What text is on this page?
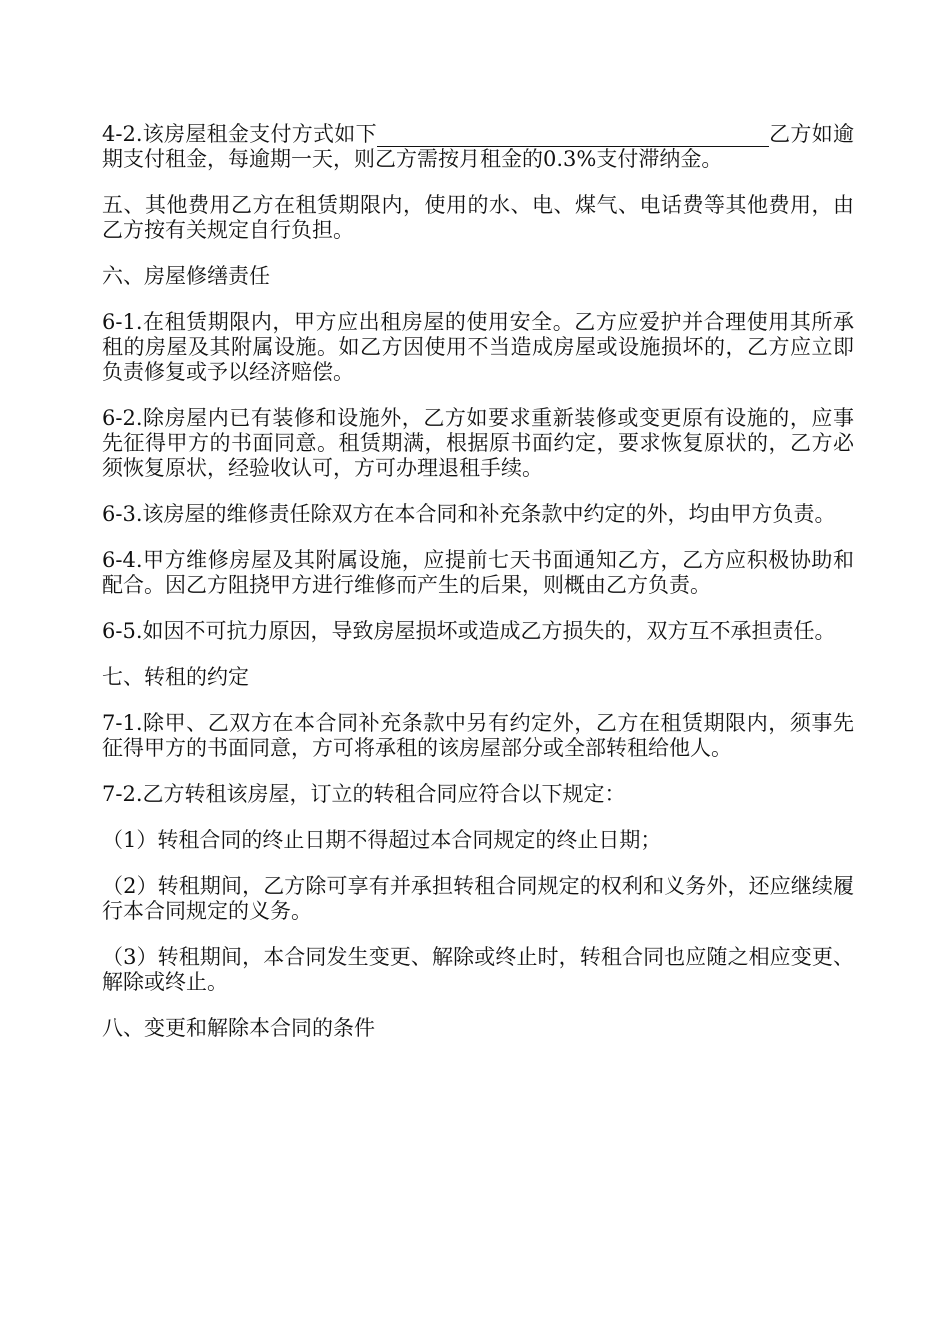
4-2.该房屋租金支付方式如下	乙方如逾期支付租金，每逾期一天，则乙方需按月租金的0.3%支付滞纳金。

五、其他费用乙方在租赁期限内，使用的水、电、煤气、电话费等其他费用，由乙方按有关规定自行负担。

六、房屋修缮责任

6-1.在租赁期限内，甲方应出租房屋的使用安全。乙方应爱护并合理使用其所承租的房屋及其附属设施。如乙方因使用不当造成房屋或设施损坏的，乙方应立即负责修复或予以经济赔偿。

6-2.除房屋内已有装修和设施外，乙方如要求重新装修或变更原有设施的，应事先征得甲方的书面同意。租赁期满，根据原书面约定，要求恢复原状的，乙方必须恢复原状，经验收认可，方可办理退租手续。

6-3.该房屋的维修责任除双方在本合同和补充条款中约定的外，均由甲方负责。

6-4.甲方维修房屋及其附属设施，应提前七天书面通知乙方，乙方应积极协助和配合。因乙方阻挠甲方进行维修而产生的后果，则概由乙方负责。

6-5.如因不可抗力原因，导致房屋损坏或造成乙方损失的，双方互不承担责任。

七、转租的约定

7-1.除甲、乙双方在本合同补充条款中另有约定外，乙方在租赁期限内，须事先征得甲方的书面同意，方可将承租的该房屋部分或全部转租给他人。

7-2.乙方转租该房屋，订立的转租合同应符合以下规定：

（1）转租合同的终止日期不得超过本合同规定的终止日期；

（2）转租期间，乙方除可享有并承担转租合同规定的权利和义务外，还应继续履行本合同规定的义务。

（3）转租期间，本合同发生变更、解除或终止时，转租合同也应随之相应变更、解除或终止。

八、变更和解除本合同的条件
